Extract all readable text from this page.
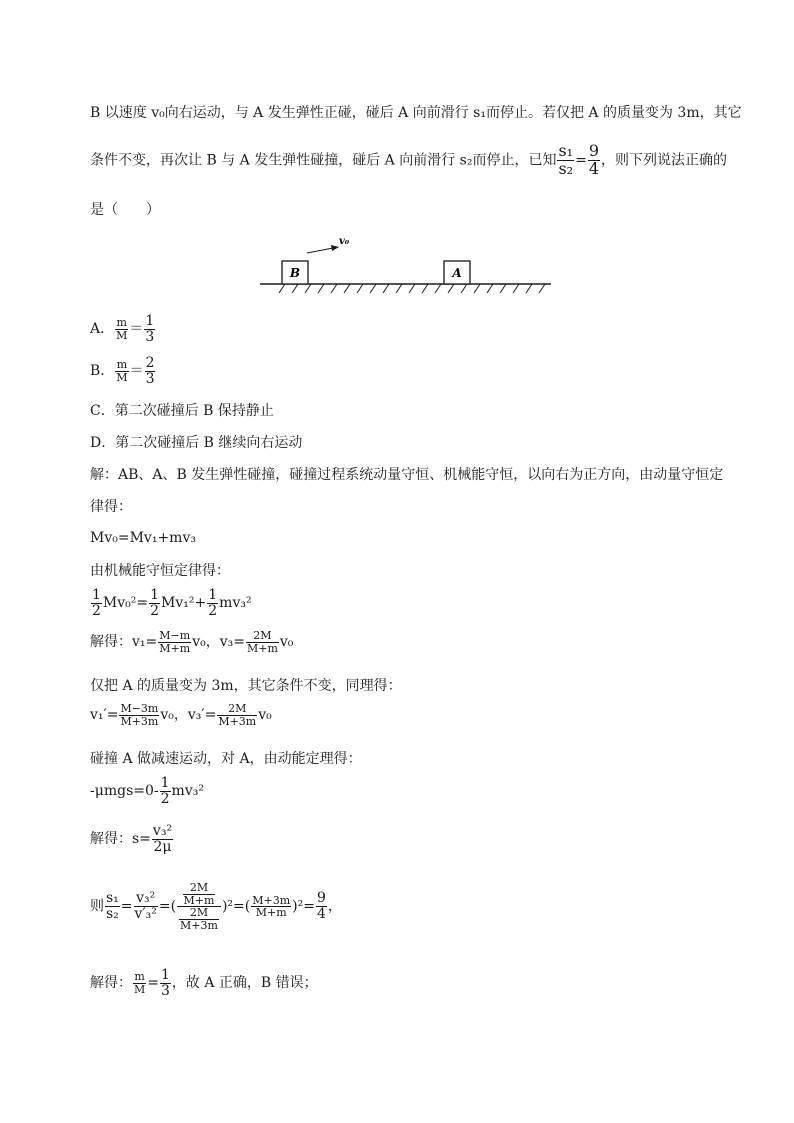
B 以速度 v₀向右运动，与 A 发生弹性正碰，碰后 A 向前滑行 s₁而停止。若仅把 A 的质量变为 3m，其它
条件不变，再次让 B 与 A 发生弹性碰撞，碰后 A 向前滑行 s₂而停止，已知 $\frac{\text{s₁}}{\text{s₂}} = \frac{9}{4}$ ，则下列说法正确的
是（　　）
B	A
v₀
A． $\frac{m}{M} = \frac{1}{3}$
B． $\frac{m}{M} = \frac{2}{3}$
C．第二次碰撞后 B 保持静止
D．第二次碰撞后 B 继续向右运动
解：AB、A、B 发生弹性碰撞，碰撞过程系统动量守恒、机械能守恒，以向右为正方向，由动量守恒定
律得：
Mv₀=Mv₁+mv₃
由机械能守恒定律得：
$\frac{1}{2} Mv_0^2= \frac{1}{2} Mv_1^2+ \frac{1}{2} mv_3^2$
解得：$v_1= \frac{M-m}{M+m} v_0$，$v_3= \frac{2M}{M+m} v_0$
仅把 A 的质量变为 3m，其它条件不变，同理得：
$v_1'= \frac{M-3m}{M+3m} v_0$，$v_3'= \frac{2M}{M+3m} v_0$
碰撞 A 做减速运动，对 A，由动能定理得：
$-\mu mgs=0- \frac{1}{2} mv_3^2$
解得：$s= \frac{\text{v₃²}}{2\mu}$
则 $\frac{\text{s₁}}{\text{s₂}} = \frac{\text{v₃²}}{\text{v′₃²}}$ =( $\frac{\frac{2M}{M+m}}{\frac{2M}{M+3m}} )^2=( \frac{M+3m}{M+m} )^2= \frac{9}{4}$ ，
解得： $\frac{m}{M} = \frac{1}{3}$ ，故 A 正确，B 错误；
